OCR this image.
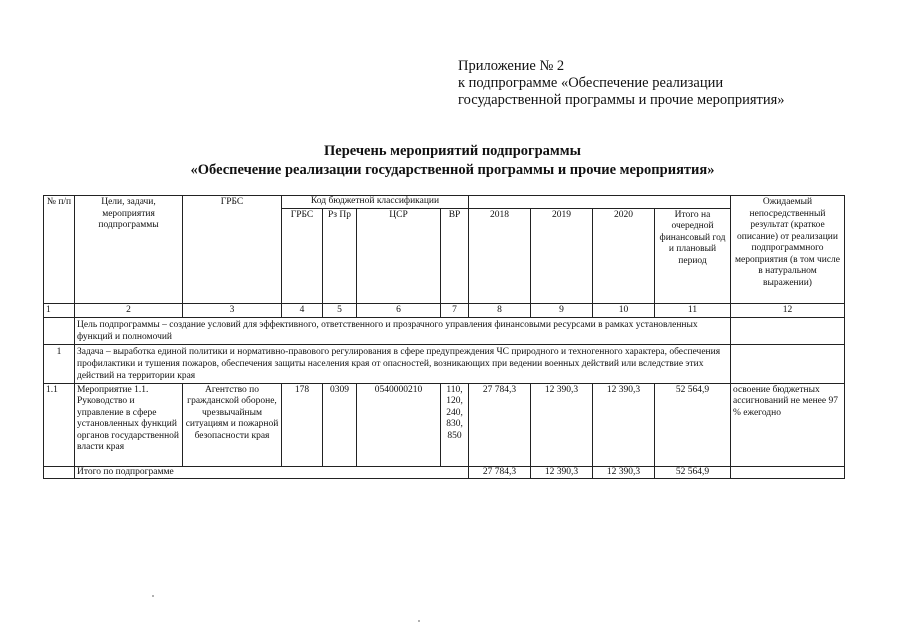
Приложение № 2
к подпрограмме «Обеспечение реализации
государственной программы и прочие мероприятия»
Перечень мероприятий подпрограммы
«Обеспечение реализации государственной программы и прочие мероприятия»
№ п/п	Цели, задачи, мероприятия подпрограммы	ГРБС	Код бюджетной классификации								Ожидаемый непосредственный результат (краткое описание) от реализации подпрограммного мероприятия (в том числе в натуральном выражении)
			ГРБС	Рз Пр	ЦСР	ВР	2018	2019	2020	Итого на очередной финансовый год и плановый период	
1	2	3	4	5	6	7	8	9	10	11	12
	Цель подпрограммы – создание условий для эффективного, ответственного и прозрачного управления финансовыми ресурсами в рамках установленных функций и полномочий										
1	Задача – выработка единой политики и нормативно-правового регулирования в сфере предупреждения ЧС природного и техногенного характера, обеспечения профилактики и тушения пожаров, обеспечения защиты населения края от опасностей, возникающих при ведении военных действий или вследствие этих действий на территории края										
1.1	Мероприятие 1.1. Руководство и управление в сфере установленных функций органов государственной власти края	Агентство по гражданской обороне, чрезвычайным ситуациям и пожарной безопасности края	178	0309	0540000210	110, 120, 240, 830, 850	27 784,3	12 390,3	12 390,3	52 564,9	освоение бюджетных ассигнований не менее 97 % ежегодно
	Итого по подпрограмме						27 784,3	12 390,3	12 390,3	52 564,9	
